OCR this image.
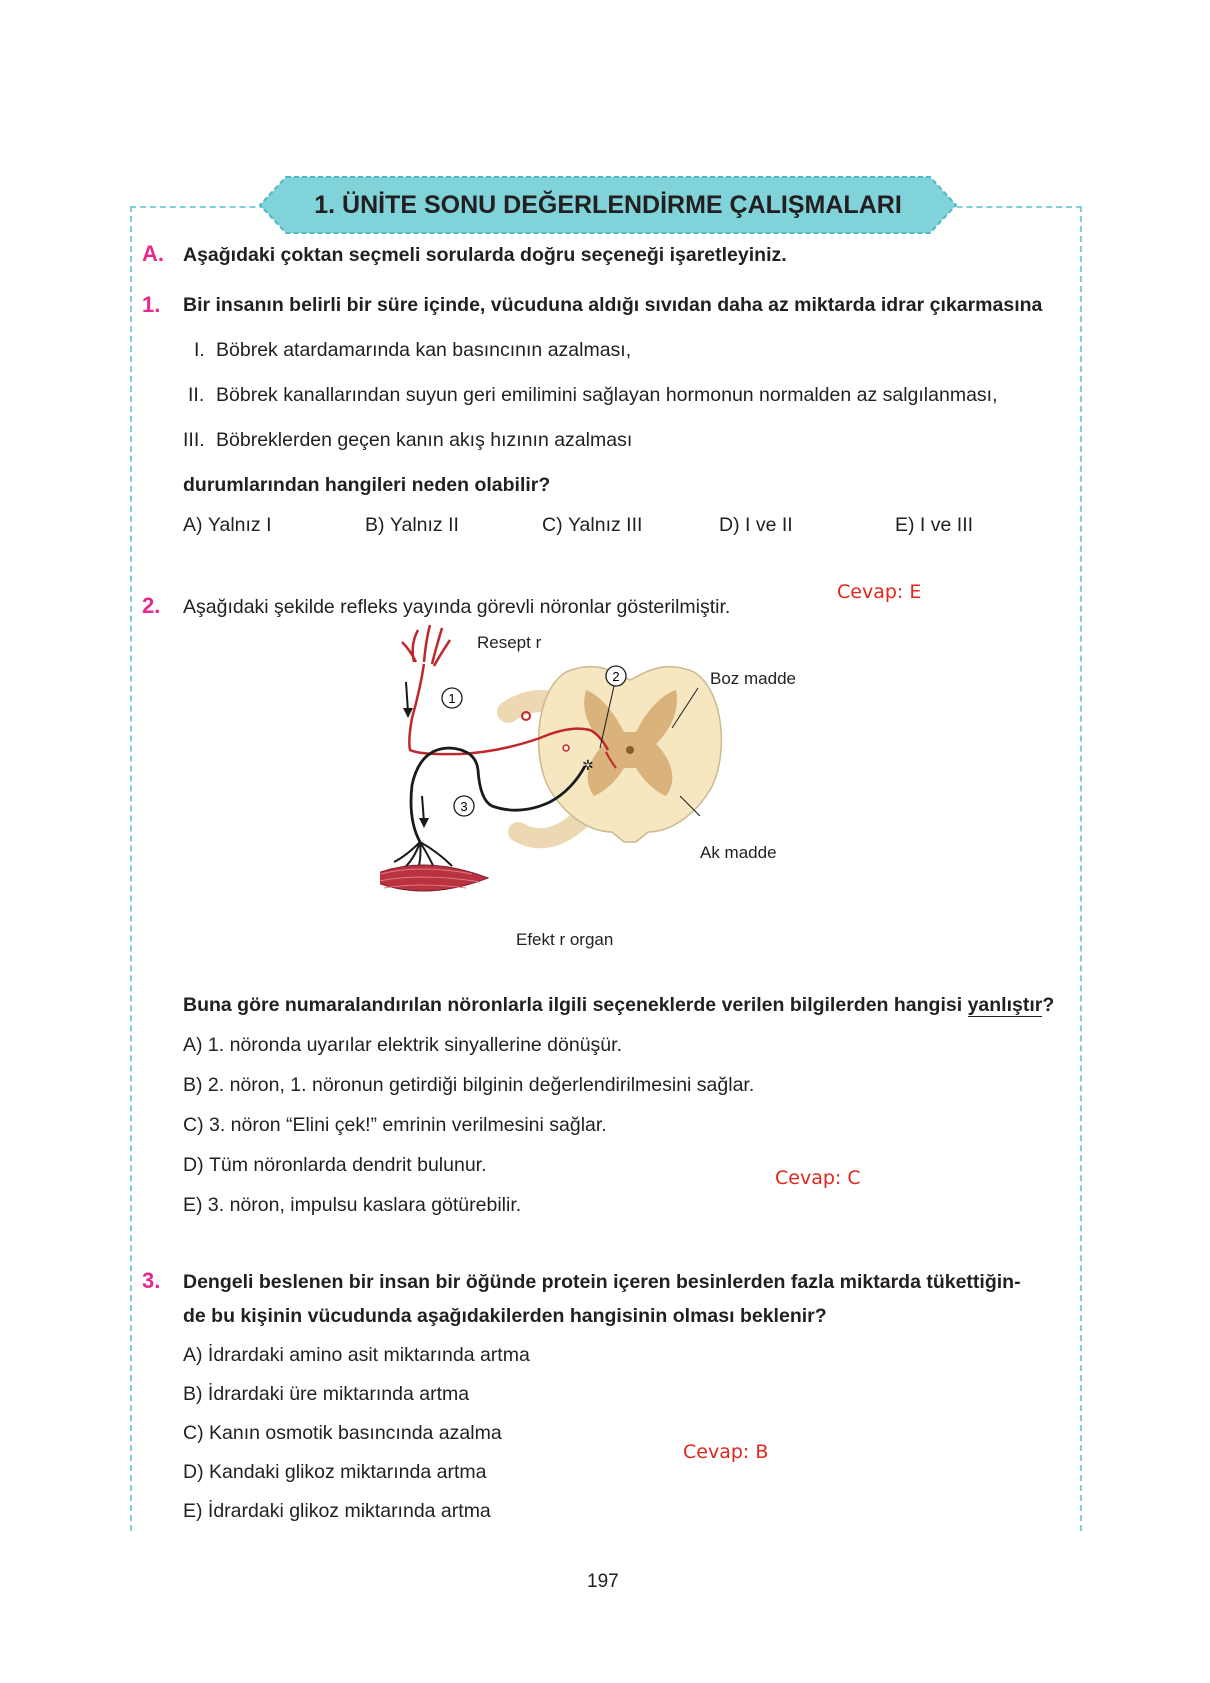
1. ÜNİTE SONU DEĞERLENDİRME ÇALIŞMALARI
A. Aşağıdaki çoktan seçmeli sorularda doğru seçeneği işaretleyiniz.
1. Bir insanın belirli bir süre içinde, vücuduna aldığı sıvıdan daha az miktarda idrar çıkarmasına
I. Böbrek atardamarında kan basıncının azalması,
II. Böbrek kanallarından suyun geri emilimini sağlayan hormonun normalden az salgılanması,
III. Böbreklerden geçen kanın akış hızının azalması
durumlarından hangileri neden olabilir?
A) Yalnız I	B) Yalnız II	C) Yalnız III	D) I ve II	E) I ve III
Cevap: E
2. Aşağıdaki şekilde refleks yayında görevli nöronlar gösterilmiştir.
✲
1
2
3
Resept r
Boz madde
Ak madde
Efekt r organ
Buna göre numaralandırılan nöronlarla ilgili seçeneklerde verilen bilgilerden hangisi yanlıştır?
A) 1. nöronda uyarılar elektrik sinyallerine dönüşür.
B) 2. nöron, 1. nöronun getirdiği bilginin değerlendirilmesini sağlar.
C) 3. nöron “Elini çek!” emrinin verilmesini sağlar.
D) Tüm nöronlarda dendrit bulunur.
E) 3. nöron, impulsu kaslara götürebilir.
Cevap: C
3. Dengeli beslenen bir insan bir öğünde protein içeren besinlerden fazla miktarda tükettiğin-
de bu kişinin vücudunda aşağıdakilerden hangisinin olması beklenir?
A) İdrardaki amino asit miktarında artma
B) İdrardaki üre miktarında artma
C) Kanın osmotik basıncında azalma
D) Kandaki glikoz miktarında artma
E) İdrardaki glikoz miktarında artma
Cevap: B
197
